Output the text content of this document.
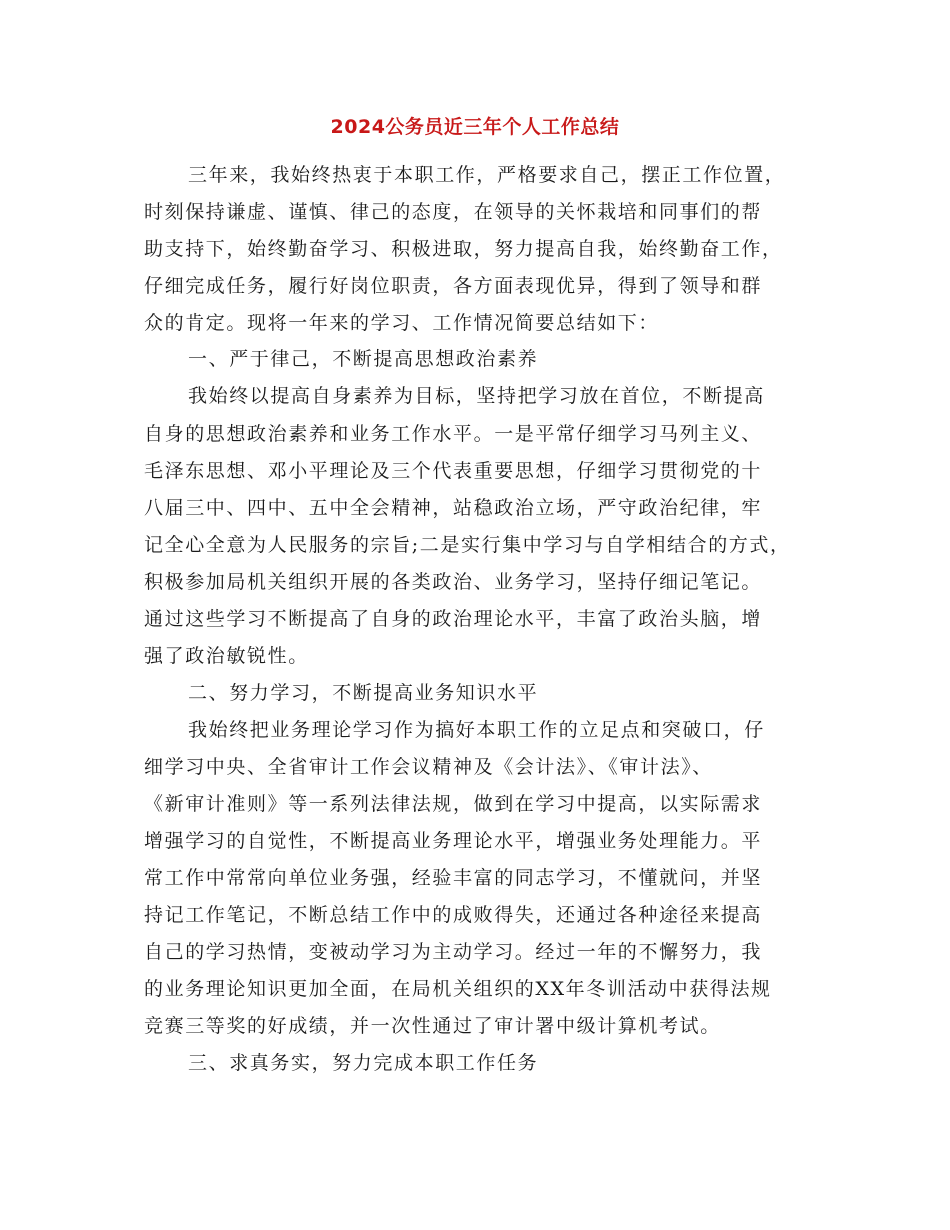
2024公务员近三年个人工作总结
三年来，我始终热衷于本职工作，严格要求自己，摆正工作位置，
时刻保持谦虚、谨慎、律己的态度，在领导的关怀栽培和同事们的帮
助支持下，始终勤奋学习、积极进取，努力提高自我，始终勤奋工作，
仔细完成任务，履行好岗位职责，各方面表现优异，得到了领导和群
众的肯定。现将一年来的学习、工作情况简要总结如下：
一、严于律己，不断提高思想政治素养
我始终以提高自身素养为目标，坚持把学习放在首位，不断提高
自身的思想政治素养和业务工作水平。一是平常仔细学习马列主义、
毛泽东思想、邓小平理论及三个代表重要思想，仔细学习贯彻党的十
八届三中、四中、五中全会精神，站稳政治立场，严守政治纪律，牢
记全心全意为人民服务的宗旨;二是实行集中学习与自学相结合的方式，
积极参加局机关组织开展的各类政治、业务学习，坚持仔细记笔记。
通过这些学习不断提高了自身的政治理论水平，丰富了政治头脑，增
强了政治敏锐性。
二、努力学习，不断提高业务知识水平
我始终把业务理论学习作为搞好本职工作的立足点和突破口，仔
细学习中央、全省审计工作会议精神及《会计法》、《审计法》、
《新审计准则》等一系列法律法规，做到在学习中提高，以实际需求
增强学习的自觉性，不断提高业务理论水平，增强业务处理能力。平
常工作中常常向单位业务强，经验丰富的同志学习，不懂就问，并坚
持记工作笔记，不断总结工作中的成败得失，还通过各种途径来提高
自己的学习热情，变被动学习为主动学习。经过一年的不懈努力，我
的业务理论知识更加全面，在局机关组织的XX年冬训活动中获得法规
竞赛三等奖的好成绩，并一次性通过了审计署中级计算机考试。
三、求真务实，努力完成本职工作任务
